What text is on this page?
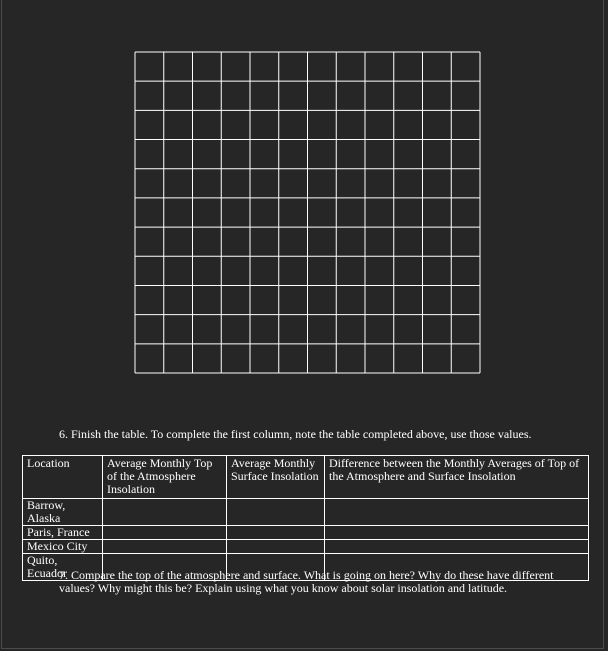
6. Finish the table. To complete the first column, note the table completed above, use those values.
Location	Average Monthly Top of the Atmosphere Insolation	Average Monthly Surface Insolation	Difference between the Monthly Averages of Top of the Atmosphere and Surface Insolation
Barrow, Alaska			
Paris, France			
Mexico City			
Quito, Ecuador			
7. Compare the top of the atmosphere and surface. What is going on here? Why do these have different values? Why might this be? Explain using what you know about solar insolation and latitude.
